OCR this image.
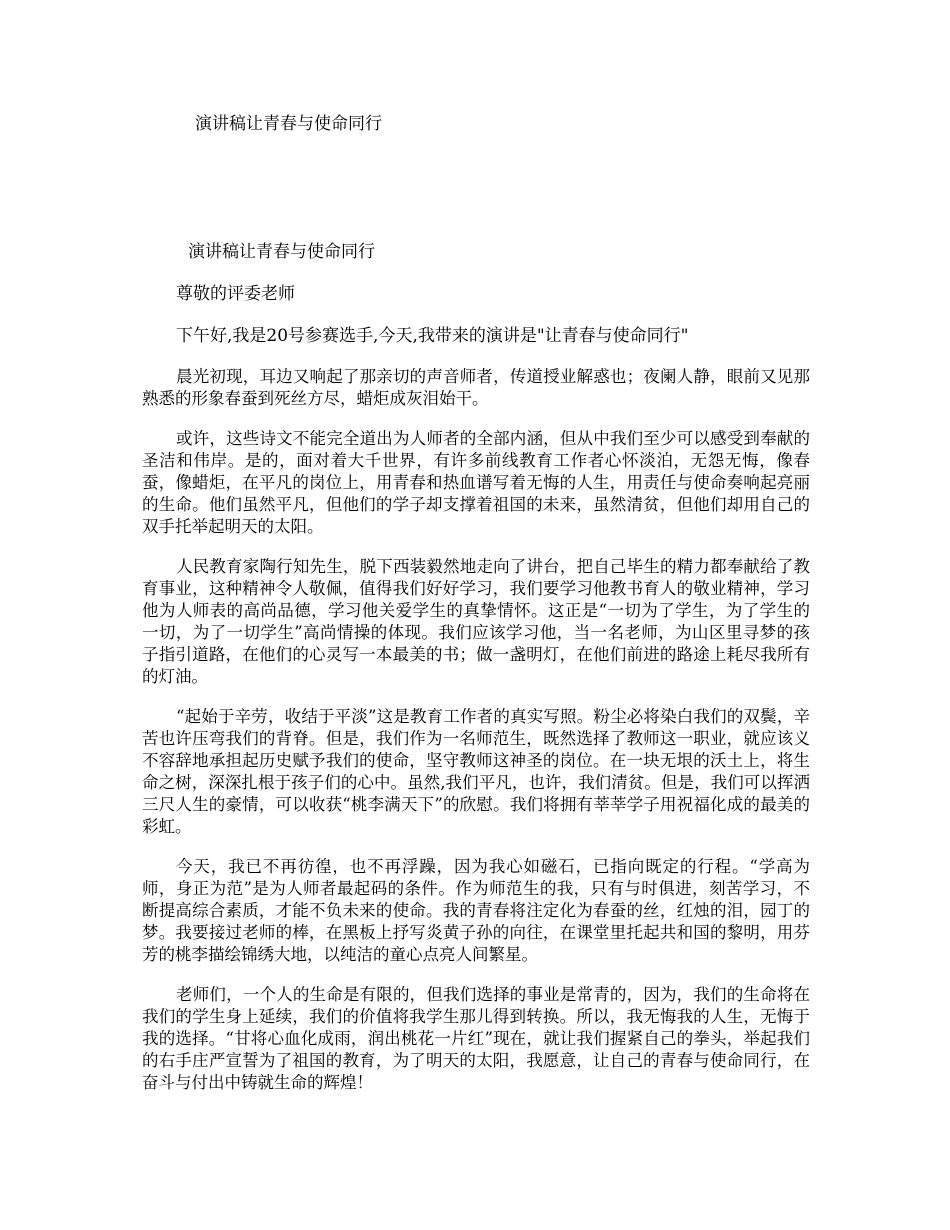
演讲稿让青春与使命同行
演讲稿让青春与使命同行
尊敬的评委老师
下午好,我是20号参赛选手,今天,我带来的演讲是"让青春与使命同行"

晨光初现，耳边又响起了那亲切的声音师者，传道授业解惑也；夜阑人静，眼前又见那熟悉的形象春蚕到死丝方尽，蜡炬成灰泪始干。

或许，这些诗文不能完全道出为人师者的全部内涵，但从中我们至少可以感受到奉献的圣洁和伟岸。是的，面对着大千世界，有许多前线教育工作者心怀淡泊，无怨无悔，像春蚕，像蜡炬，在平凡的岗位上，用青春和热血谱写着无悔的人生，用责任与使命奏响起亮丽的生命。他们虽然平凡，但他们的学子却支撑着祖国的未来，虽然清贫，但他们却用自己的双手托举起明天的太阳。

人民教育家陶行知先生，脱下西装毅然地走向了讲台，把自己毕生的精力都奉献给了教育事业，这种精神令人敬佩，值得我们好好学习，我们要学习他教书育人的敬业精神，学习他为人师表的高尚品德，学习他关爱学生的真挚情怀。这正是“一切为了学生，为了学生的一切，为了一切学生”高尚情操的体现。我们应该学习他，当一名老师，为山区里寻梦的孩子指引道路，在他们的心灵写一本最美的书；做一盏明灯，在他们前进的路途上耗尽我所有的灯油。

“起始于辛劳，收结于平淡”这是教育工作者的真实写照。粉尘必将染白我们的双鬓，辛苦也许压弯我们的背脊。但是，我们作为一名师范生，既然选择了教师这一职业，就应该义不容辞地承担起历史赋予我们的使命，坚守教师这神圣的岗位。在一块无垠的沃土上，将生命之树，深深扎根于孩子们的心中。虽然,我们平凡，也许，我们清贫。但是，我们可以挥洒三尺人生的豪情，可以收获“桃李满天下”的欣慰。我们将拥有莘莘学子用祝福化成的最美的彩虹。

今天，我已不再彷徨，也不再浮躁，因为我心如磁石，已指向既定的行程。“学高为师，身正为范”是为人师者最起码的条件。作为师范生的我，只有与时俱进，刻苦学习，不断提高综合素质，才能不负未来的使命。我的青春将注定化为春蚕的丝，红烛的泪，园丁的梦。我要接过老师的棒，在黑板上抒写炎黄子孙的向往，在课堂里托起共和国的黎明，用芬芳的桃李描绘锦绣大地，以纯洁的童心点亮人间繁星。

老师们，一个人的生命是有限的，但我们选择的事业是常青的，因为，我们的生命将在我们的学生身上延续，我们的价值将我学生那儿得到转换。所以，我无悔我的人生，无悔于我的选择。“甘将心血化成雨，润出桃花一片红”现在，就让我们握紧自己的拳头，举起我们的右手庄严宣誓为了祖国的教育，为了明天的太阳，我愿意，让自己的青春与使命同行，在奋斗与付出中铸就生命的辉煌！
